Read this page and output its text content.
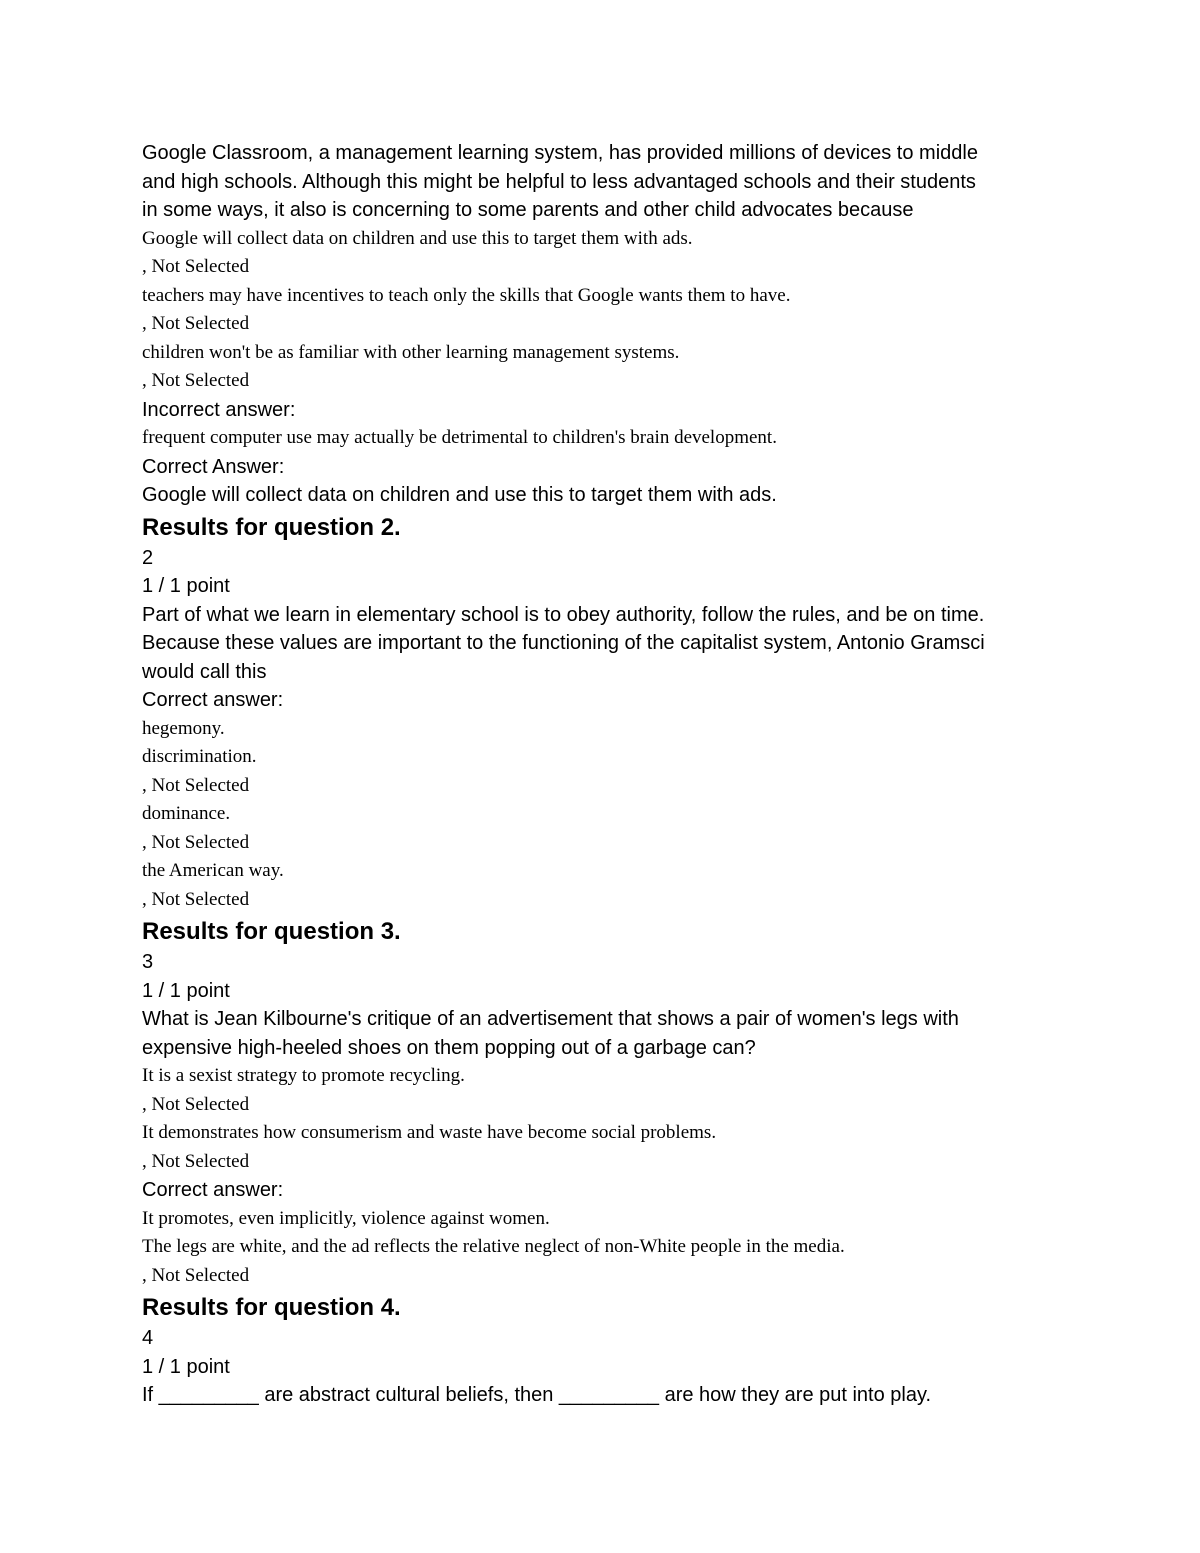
Google Classroom, a management learning system, has provided millions of devices to middle
and high schools. Although this might be helpful to less advantaged schools and their students
in some ways, it also is concerning to some parents and other child advocates because
Google will collect data on children and use this to target them with ads.
, Not Selected
teachers may have incentives to teach only the skills that Google wants them to have.
, Not Selected
children won't be as familiar with other learning management systems.
, Not Selected
Incorrect answer:
frequent computer use may actually be detrimental to children's brain development.
Correct Answer:
Google will collect data on children and use this to target them with ads.
Results for question 2.
2
1 / 1 point
Part of what we learn in elementary school is to obey authority, follow the rules, and be on time.
Because these values are important to the functioning of the capitalist system, Antonio Gramsci
would call this
Correct answer:
hegemony.
discrimination.
, Not Selected
dominance.
, Not Selected
the American way.
, Not Selected
Results for question 3.
3
1 / 1 point
What is Jean Kilbourne's critique of an advertisement that shows a pair of women's legs with
expensive high-heeled shoes on them popping out of a garbage can?
It is a sexist strategy to promote recycling.
, Not Selected
It demonstrates how consumerism and waste have become social problems.
, Not Selected
Correct answer:
It promotes, even implicitly, violence against women.
The legs are white, and the ad reflects the relative neglect of non-White people in the media.
, Not Selected
Results for question 4.
4
1 / 1 point
If _________ are abstract cultural beliefs, then _________ are how they are put into play.
